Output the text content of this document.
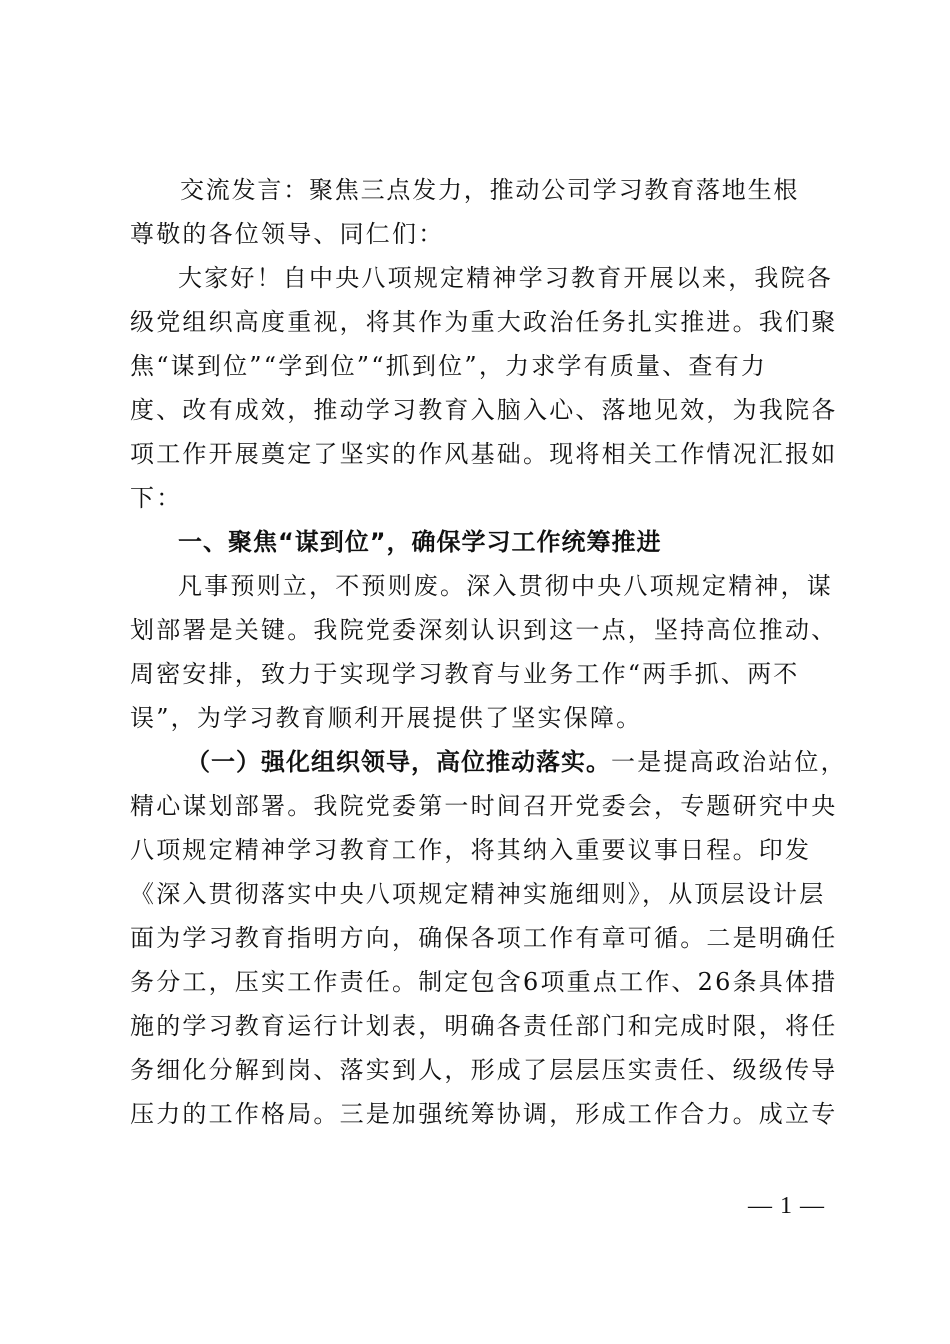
交流发言：聚焦三点发力，推动公司学习教育落地生根
尊敬的各位领导、同仁们：
大家好！自中央八项规定精神学习教育开展以来，我院各
级党组织高度重视，将其作为重大政治任务扎实推进。我们聚
焦“谋到位”“学到位”“抓到位”，力求学有质量、查有力
度、改有成效，推动学习教育入脑入心、落地见效，为我院各
项工作开展奠定了坚实的作风基础。现将相关工作情况汇报如
下：
一、聚焦“谋到位”，确保学习工作统筹推进
凡事预则立，不预则废。深入贯彻中央八项规定精神，谋
划部署是关键。我院党委深刻认识到这一点，坚持高位推动、
周密安排，致力于实现学习教育与业务工作“两手抓、两不
误”，为学习教育顺利开展提供了坚实保障。
（一）强化组织领导，高位推动落实。一是提高政治站位，
精心谋划部署。我院党委第一时间召开党委会，专题研究中央
八项规定精神学习教育工作，将其纳入重要议事日程。印发
《深入贯彻落实中央八项规定精神实施细则》，从顶层设计层
面为学习教育指明方向，确保各项工作有章可循。二是明确任
务分工，压实工作责任。制定包含6项重点工作、26条具体措
施的学习教育运行计划表，明确各责任部门和完成时限，将任
务细化分解到岗、落实到人，形成了层层压实责任、级级传导
压力的工作格局。三是加强统筹协调，形成工作合力。成立专
— 1 —
